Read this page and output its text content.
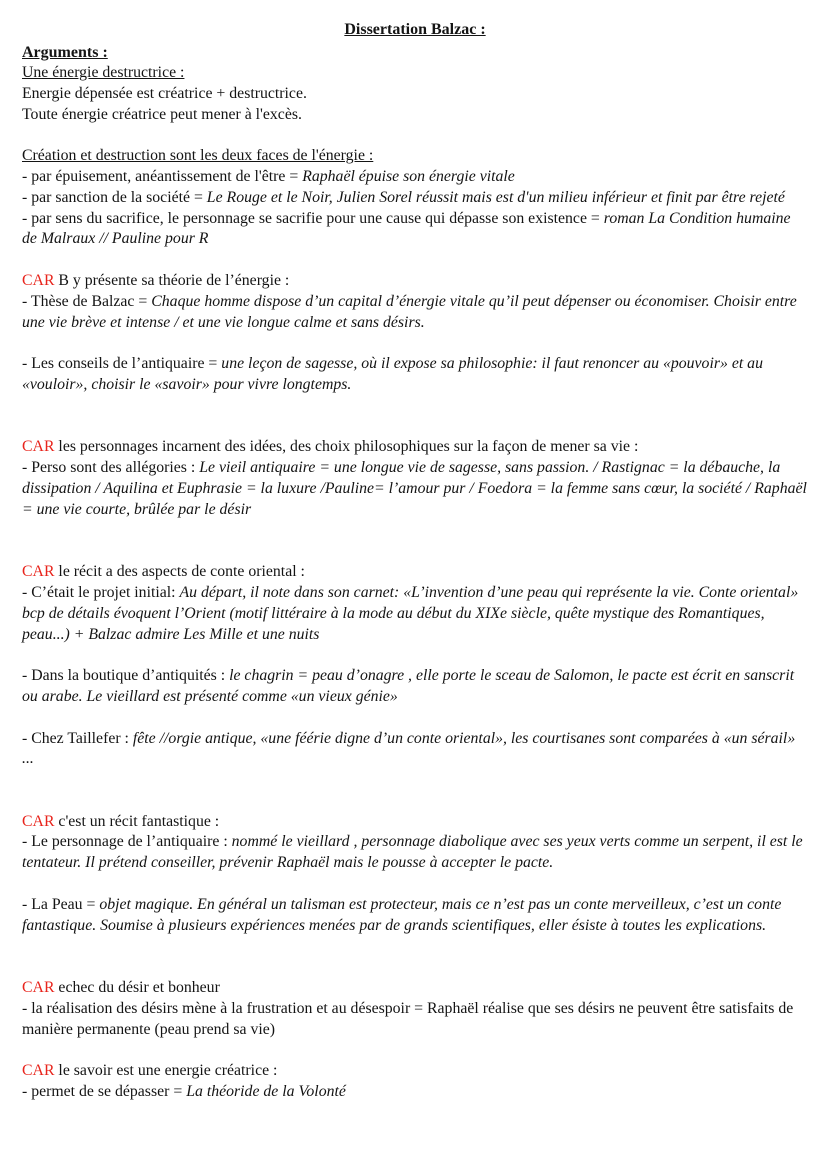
Dissertation Balzac :
Arguments :

Une énergie destructrice :

Energie dépensée est créatrice + destructrice.

Toute énergie créatrice peut mener à l'excès.

Création et destruction sont les deux faces de l'énergie :

- par épuisement, anéantissement de l'être = Raphaël épuise son énergie vitale

- par sanction de la société = Le Rouge et le Noir, Julien Sorel réussit mais est d'un milieu inférieur et finit par être rejeté

- par sens du sacrifice, le personnage se sacrifie pour une cause qui dépasse son existence = roman La Condition humaine de Malraux // Pauline pour R

CAR B y présente sa théorie de l’énergie :

- Thèse de Balzac = Chaque homme dispose d’un capital d’énergie vitale qu’il peut dépenser ou économiser. Choisir entre une vie brève et intense / et une vie longue calme et sans désirs.

- Les conseils de l’antiquaire = une leçon de sagesse, où il expose sa philosophie: il faut renoncer au «pouvoir» et au «vouloir», choisir le «savoir» pour vivre longtemps.

CAR les personnages incarnent des idées, des choix philosophiques sur la façon de mener sa vie :

- Perso sont des allégories : Le vieil antiquaire = une longue vie de sagesse, sans passion. / Rastignac = la débauche, la dissipation / Aquilina et Euphrasie = la luxure /Pauline= l’amour pur / Foedora = la femme sans cœur, la société / Raphaël = une vie courte, brûlée par le désir

CAR le récit a des aspects de conte oriental :

- C’était le projet initial: Au départ, il note dans son carnet: «L’invention d’une peau qui représente la vie. Conte oriental» bcp de détails évoquent l’Orient (motif littéraire à la mode au début du XIXe siècle, quête mystique des Romantiques, peau...) + Balzac admire Les Mille et une nuits

- Dans la boutique d’antiquités : le chagrin = peau d’onagre , elle porte le sceau de Salomon, le pacte est écrit en sanscrit ou arabe. Le vieillard est présenté comme «un vieux génie»

- Chez Taillefer : fête //orgie antique, «une féérie digne d’un conte oriental», les courtisanes sont comparées à «un sérail» ...

CAR c'est un récit fantastique :

- Le personnage de l’antiquaire : nommé le vieillard , personnage diabolique avec ses yeux verts comme un serpent, il est le tentateur. Il prétend conseiller, prévenir Raphaël mais le pousse à accepter le pacte.

- La Peau = objet magique. En général un talisman est protecteur, mais ce n’est pas un conte merveilleux, c’est un conte fantastique. Soumise à plusieurs expériences menées par de grands scientifiques, eller ésiste à toutes les explications.

CAR echec du désir et bonheur

- la réalisation des désirs mène à la frustration et au désespoir = Raphaël réalise que ses désirs ne peuvent être satisfaits de manière permanente (peau prend sa vie)

CAR le savoir est une energie créatrice :

- permet de se dépasser = La théoride de la Volonté
